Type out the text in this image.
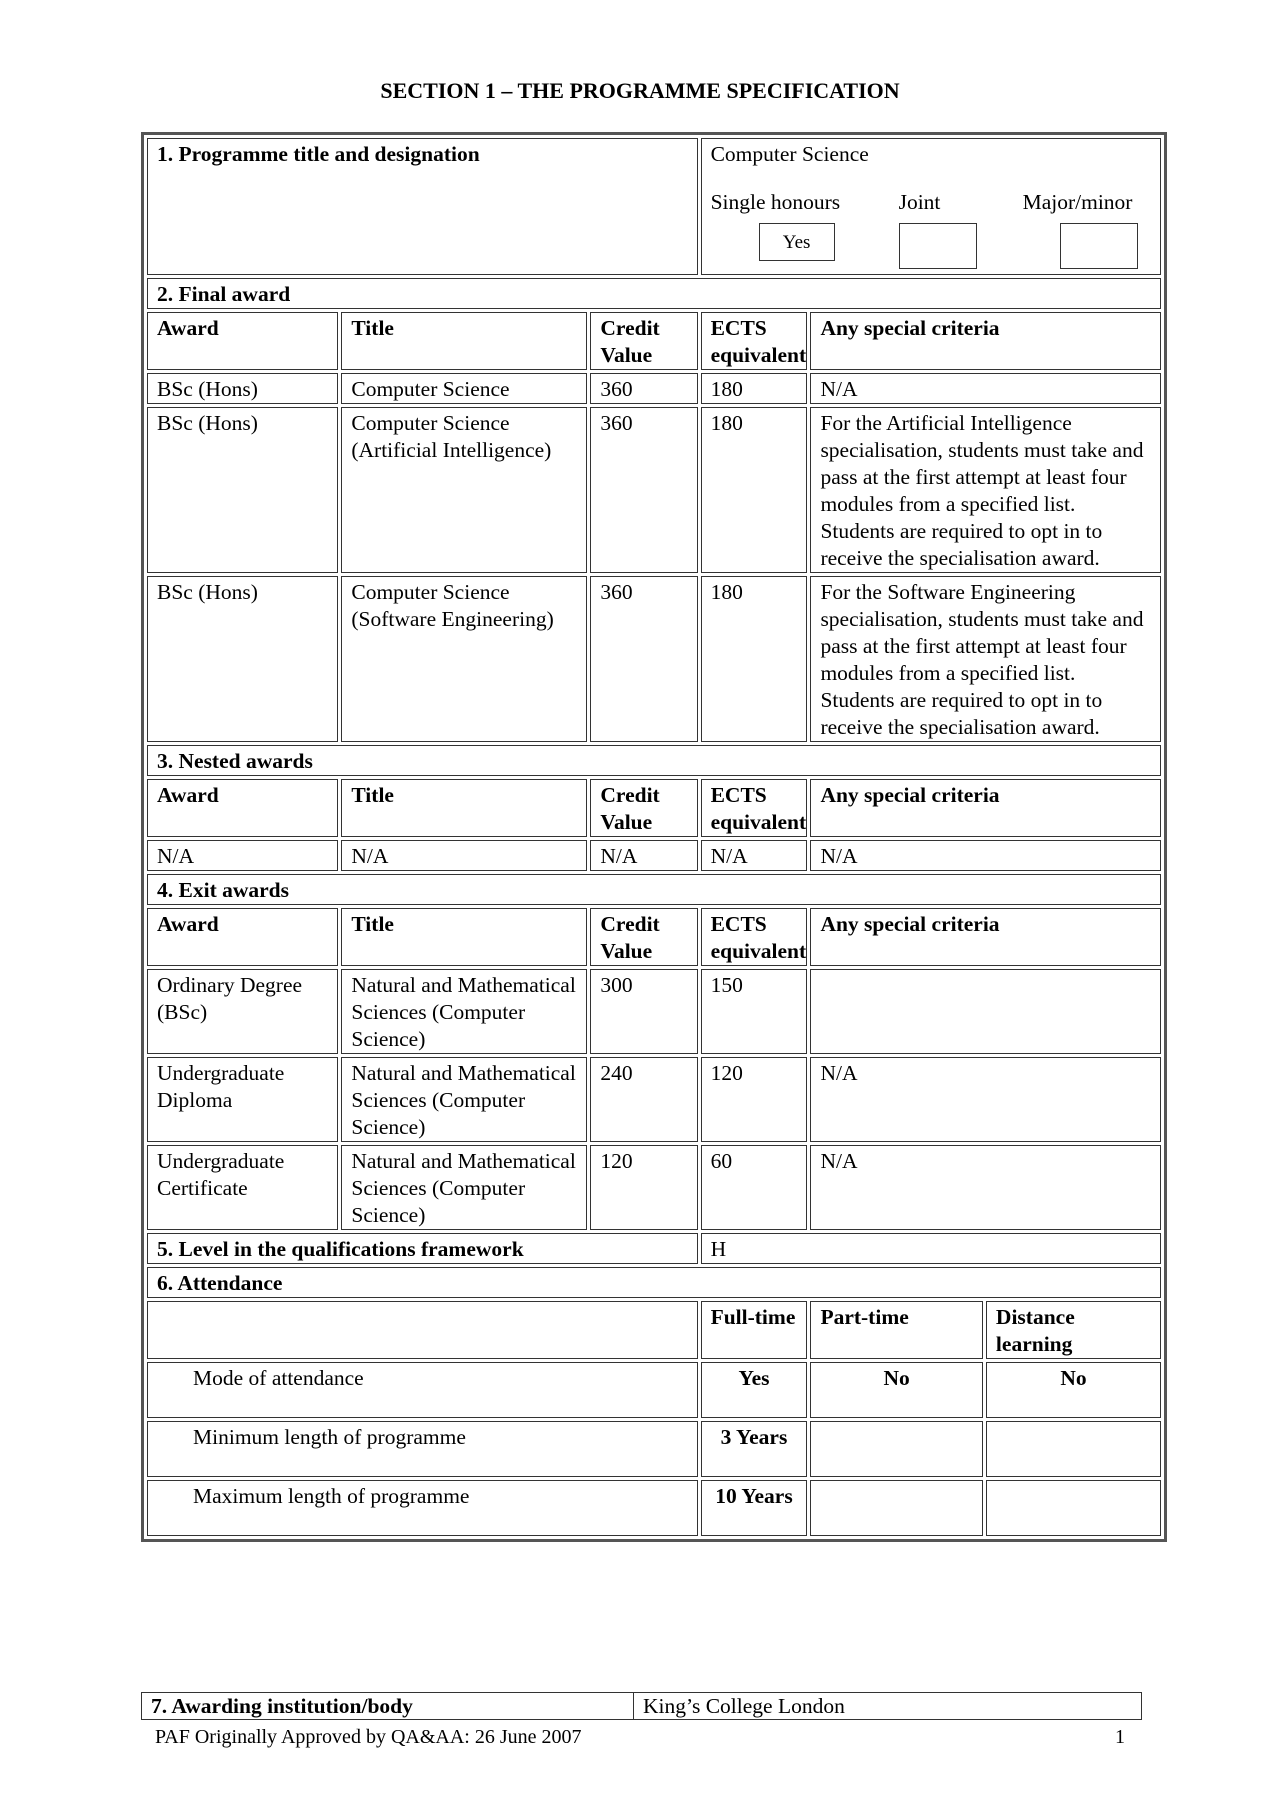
SECTION 1 – THE PROGRAMME SPECIFICATION
1. Programme title and designation			Computer Science
Single honours Joint Major/minor
Yes		

2. Final award					
Award	Title	Credit Value	ECTS equivalent	Any special criteria	
BSc (Hons)	Computer Science	360	180	N/A	
BSc (Hons)	Computer Science (Artificial Intelligence)	360	180	For the Artificial Intelligence specialisation, students must take and pass at the first attempt at least four modules from a specified list. Students are required to opt in to receive the specialisation award.	
BSc (Hons)	Computer Science (Software Engineering)	360	180	For the Software Engineering specialisation, students must take and pass at the first attempt at least four modules from a specified list. Students are required to opt in to receive the specialisation award.	
3. Nested awards					
Award	Title	Credit Value	ECTS equivalent	Any special criteria	
N/A	N/A	N/A	N/A	N/A	
4. Exit awards					
Award	Title	Credit Value	ECTS equivalent	Any special criteria	
Ordinary Degree (BSc)	Natural and Mathematical Sciences (Computer Science)	300	150		
Undergraduate Diploma	Natural and Mathematical Sciences (Computer Science)	240	120	N/A	
Undergraduate Certificate	Natural and Mathematical Sciences (Computer Science)	120	60	N/A	
5. Level in the qualifications framework			H		
6. Attendance					
			Full-time	Part-time	Distance learning
Mode of attendance			Yes	No	No
Minimum length of programme			3 Years		
Maximum length of programme			10 Years		
7. Awarding institution/body	King’s College London
PAF Originally Approved by QA&AA: 26 June 2007	1
